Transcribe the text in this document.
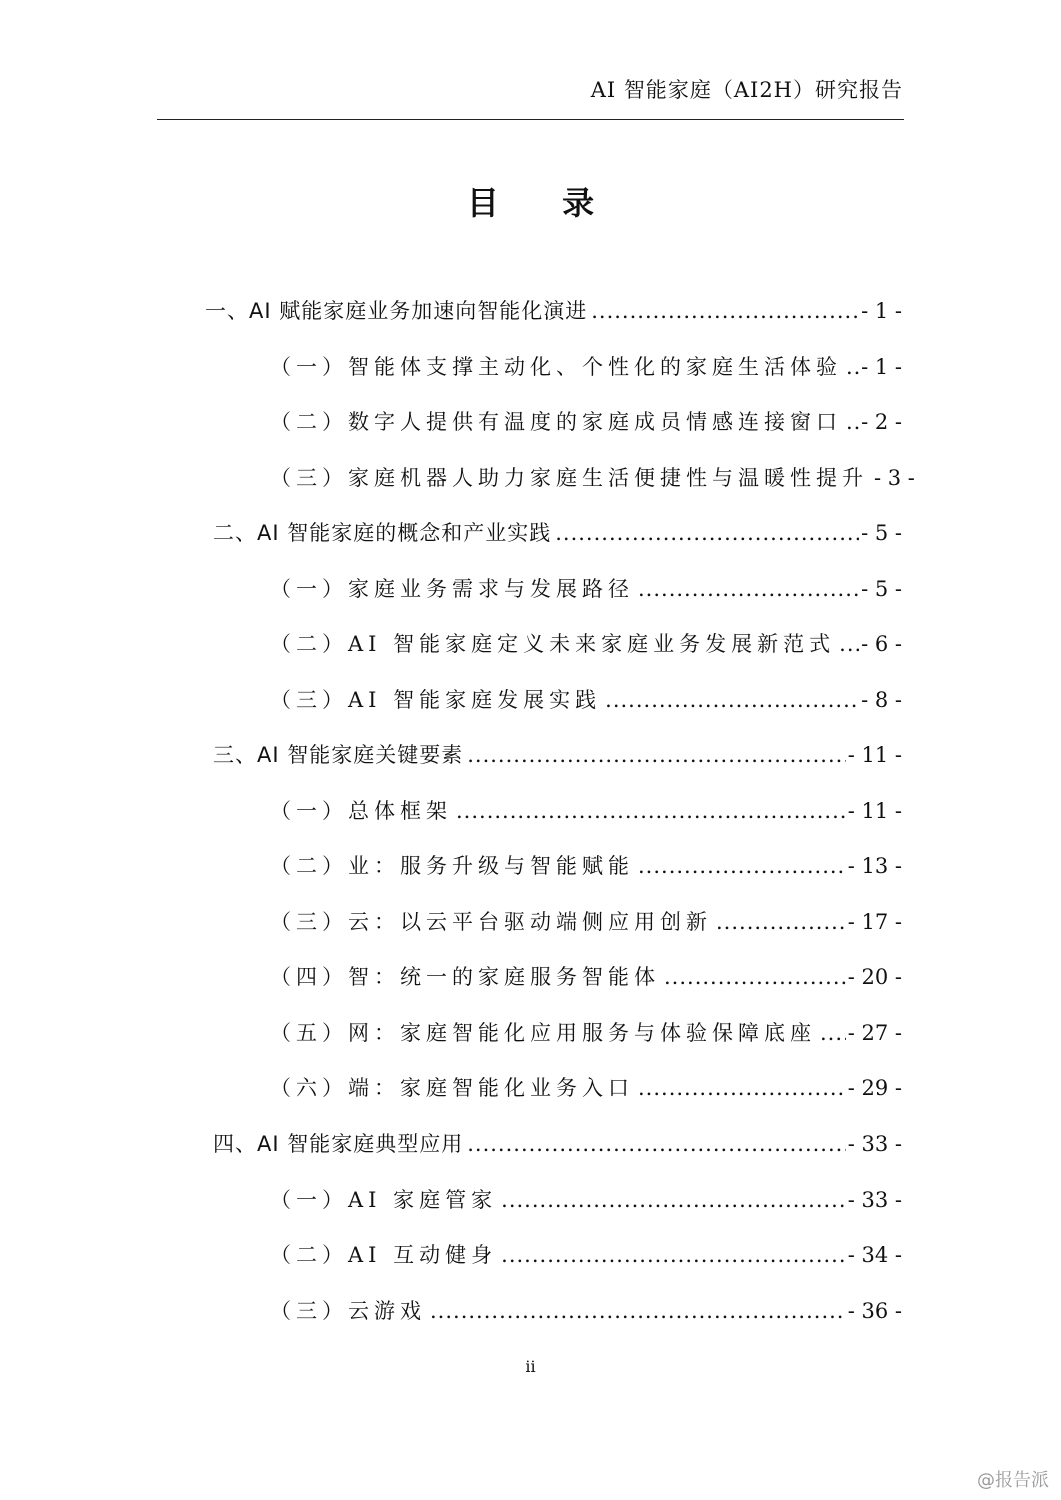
AI 智能家庭（AI2H）研究报告
目 录
一、AI 赋能家庭业务加速向智能化演进 .....	- 1 -
（一）智能体支撑主动化、个性化的家庭生活体验 ..... - 1 -
（二）数字人提供有温度的家庭成员情感连接窗口 ..... - 2 -
（三）家庭机器人助力家庭生活便捷性与温暖性提升 - 3 -
二、AI 智能家庭的概念和产业实践 .....	- 5 -
（一）家庭业务需求与发展路径 .....	- 5 -
（二）AI 智能家庭定义未来家庭业务发展新范式 ..... - 6 -
（三）AI 智能家庭发展实践 .....	- 8 -
三、AI 智能家庭关键要素 .....	- 11 -
（一）总体框架 .....	- 11 -
（二）业：服务升级与智能赋能 .....	- 13 -
（三）云：以云平台驱动端侧应用创新 .....	- 17 -
（四）智：统一的家庭服务智能体 .....	- 20 -
（五）网：家庭智能化应用服务与体验保障底座 ..... - 27 -
（六）端：家庭智能化业务入口 .....	- 29 -
四、AI 智能家庭典型应用 .....	- 33 -
（一）AI 家庭管家 .....	- 33 -
（二）AI 互动健身 .....	- 34 -
（三）云游戏 .....	- 36 -
ii
@报告派
